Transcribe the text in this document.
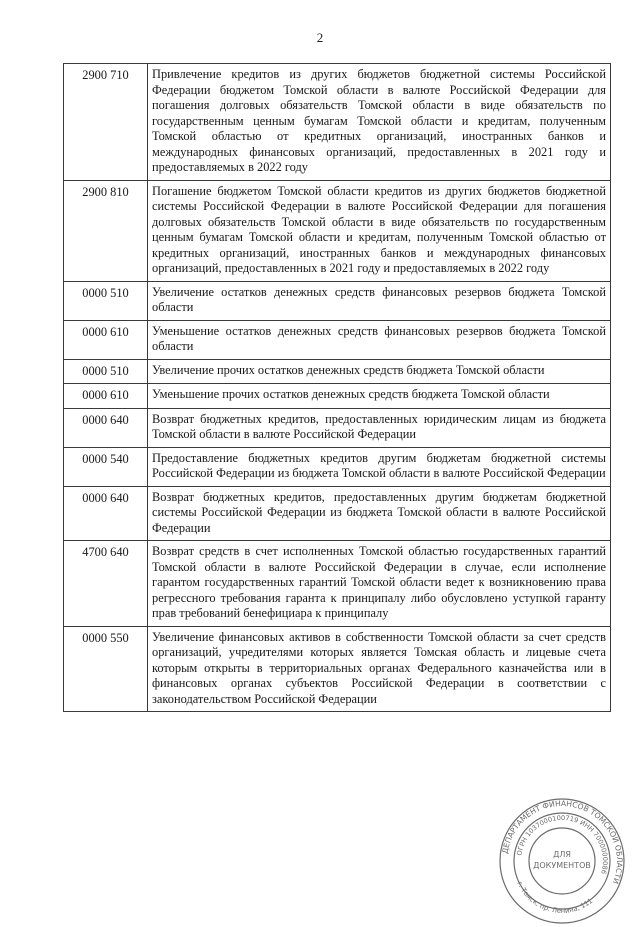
2
2900 710	Привлечение кредитов из других бюджетов бюджетной системы Российской Федерации бюджетом Томской области в валюте Российской Федерации для погашения долговых обязательств Томской области в виде обязательств по государственным ценным бумагам Томской области и кредитам, полученным Томской областью от кредитных организаций, иностранных банков и международных финансовых организаций, предоставленных в 2021 году и предоставляемых в 2022 году
2900 810	Погашение бюджетом Томской области кредитов из других бюджетов бюджетной системы Российской Федерации в валюте Российской Федерации для погашения долговых обязательств Томской области в виде обязательств по государственным ценным бумагам Томской области и кредитам, полученным Томской областью от кредитных организаций, иностранных банков и международных финансовых организаций, предоставленных в 2021 году и предоставляемых в 2022 году
0000 510	Увеличение остатков денежных средств финансовых резервов бюджета Томской области
0000 610	Уменьшение остатков денежных средств финансовых резервов бюджета Томской области
0000 510	Увеличение прочих остатков денежных средств бюджета Томской области
0000 610	Уменьшение прочих остатков денежных средств бюджета Томской области
0000 640	Возврат бюджетных кредитов, предоставленных юридическим лицам из бюджета Томской области в валюте Российской Федерации
0000 540	Предоставление бюджетных кредитов другим бюджетам бюджетной системы Российской Федерации из бюджета Томской области в валюте Российской Федерации
0000 640	Возврат бюджетных кредитов, предоставленных другим бюджетам бюджетной системы Российской Федерации из бюджета Томской области в валюте Российской Федерации
4700 640	Возврат средств в счет исполненных Томской областью государственных гарантий Томской области в валюте Российской Федерации в случае, если исполнение гарантом государственных гарантий Томской области ведет к возникновению права регрессного требования гаранта к принципалу либо обусловлено уступкой гаранту прав требований бенефициара к принципалу
0000 550	Увеличение финансовых активов в собственности Томской области за счет средств организаций, учредителями которых является Томская область и лицевые счета которым открыты в территориальных органах Федерального казначейства или в финансовых органах субъектов Российской Федерации в соответствии с законодательством Российской Федерации
ДЕПАРТАМЕНТ ФИНАНСОВ ТОМСКОЙ ОБЛАСТИ
ОГРН 1037000100719 ИНН 7000000086
г. Томск, пр. Ленина, 111
ДЛЯ
ДОКУМЕНТОВ
